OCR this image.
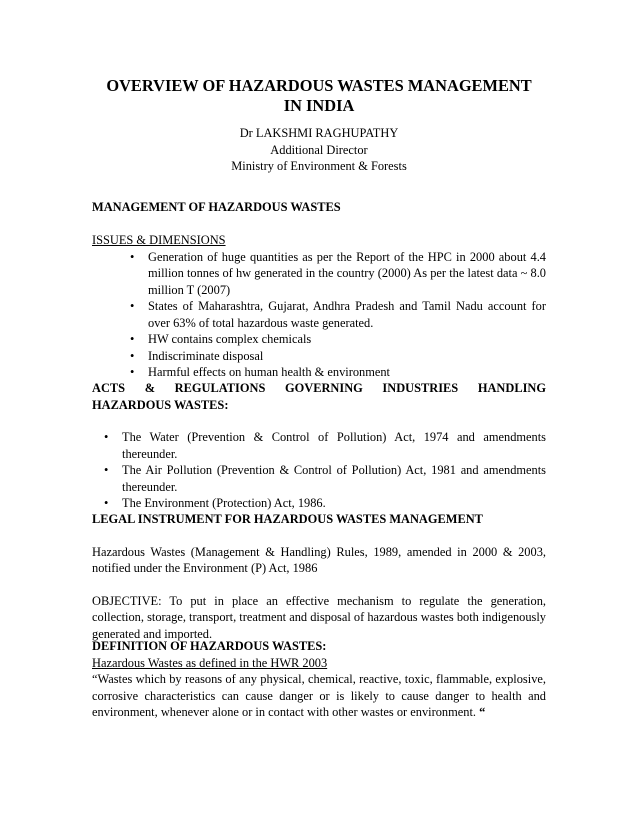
OVERVIEW OF HAZARDOUS WASTES MANAGEMENT
IN INDIA
Dr LAKSHMI RAGHUPATHY
Additional Director
Ministry of Environment & Forests
MANAGEMENT OF HAZARDOUS WASTES
ISSUES & DIMENSIONS
• Generation of huge quantities as per the Report of the HPC in 2000 about 4.4 million tonnes of hw generated in the country (2000) As per the latest data ~ 8.0 million T (2007)
• States of Maharashtra, Gujarat, Andhra Pradesh and Tamil Nadu account for over 63% of total hazardous waste generated.
• HW contains complex chemicals
• Indiscriminate disposal
• Harmful effects on human health & environment
ACTS & REGULATIONS GOVERNING INDUSTRIES HANDLING
HAZARDOUS WASTES:
• The Water (Prevention & Control of Pollution) Act, 1974 and amendments thereunder.
• The Air Pollution (Prevention & Control of Pollution) Act, 1981 and amendments thereunder.
• The Environment (Protection) Act, 1986.
LEGAL INSTRUMENT FOR HAZARDOUS WASTES MANAGEMENT

Hazardous Wastes (Management & Handling) Rules, 1989, amended in 2000 & 2003, notified under the Environment (P) Act, 1986

OBJECTIVE: To put in place an effective mechanism to regulate the generation, collection, storage, transport, treatment and disposal of hazardous wastes both indigenously generated and imported.

DEFINITION OF HAZARDOUS WASTES:
Hazardous Wastes as defined in the HWR 2003

“Wastes which by reasons of any physical, chemical, reactive, toxic, flammable, explosive, corrosive characteristics can cause danger or is likely to cause danger to health and environment, whenever alone or in contact with other wastes or environment. “
